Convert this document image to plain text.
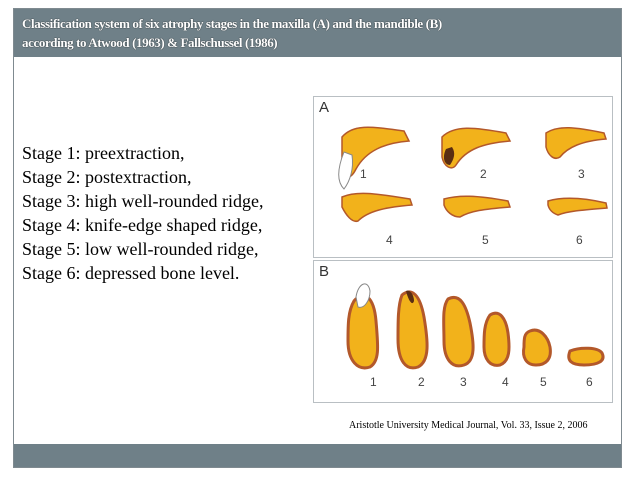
Classification system of six atrophy stages in the maxilla (A) and the mandible (B)
according to Atwood (1963) & Fallschussel (1986)
Stage 1: preextraction,
Stage 2: postextraction,
Stage 3: high well-rounded ridge,
Stage 4: knife-edge shaped ridge,
Stage 5: low well-rounded ridge,
Stage 6: depressed bone level.
A
1	2	3
4	5	6
B
1	2	3	4	5	6
Aristotle University Medical Journal, Vol. 33, Issue 2, 2006
